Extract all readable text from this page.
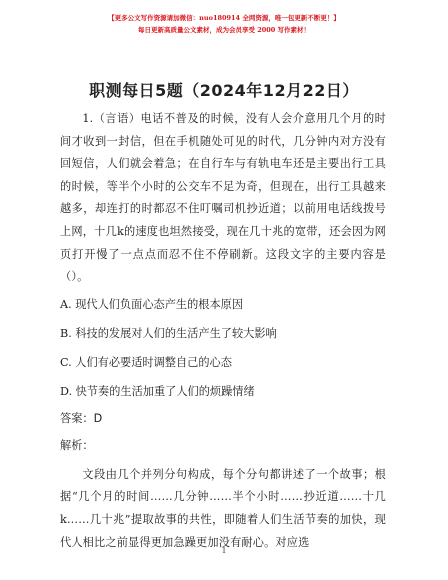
【更多公文写作资源请加微信：nuo180914 全网资源，唯一包更新不断更！】
每日更新高质量公文素材，成为会员享受 2000 写作素材！
职测每日5题（2024年12月22日）

1.（言语）电话不普及的时候，没有人会介意用几个月的时间才收到一封信，但在手机随处可见的时代，几分钟内对方没有回短信，人们就会着急；在自行车与有轨电车还是主要出行工具的时候，等半个小时的公交车不足为奇，但现在，出行工具越来越多，却连打的时都忍不住叮嘱司机抄近道；以前用电话线拨号上网，十几k的速度也坦然接受，现在几十兆的宽带，还会因为网页打开慢了一点点而忍不住不停刷新。这段文字的主要内容是（）。

A. 现代人们负面心态产生的根本原因
B. 科技的发展对人们的生活产生了较大影响
C. 人们有必要适时调整自己的心态
D. 快节奏的生活加重了人们的烦躁情绪
答案：D
解析：

文段由几个并列分句构成，每个分句都讲述了一个故事；根据“几个月的时间……几分钟……半个小时……抄近道……十几k……几十兆”提取故事的共性，即随着人们生活节奏的加快，现代人相比之前显得更加急躁更加没有耐心。对应选

1
